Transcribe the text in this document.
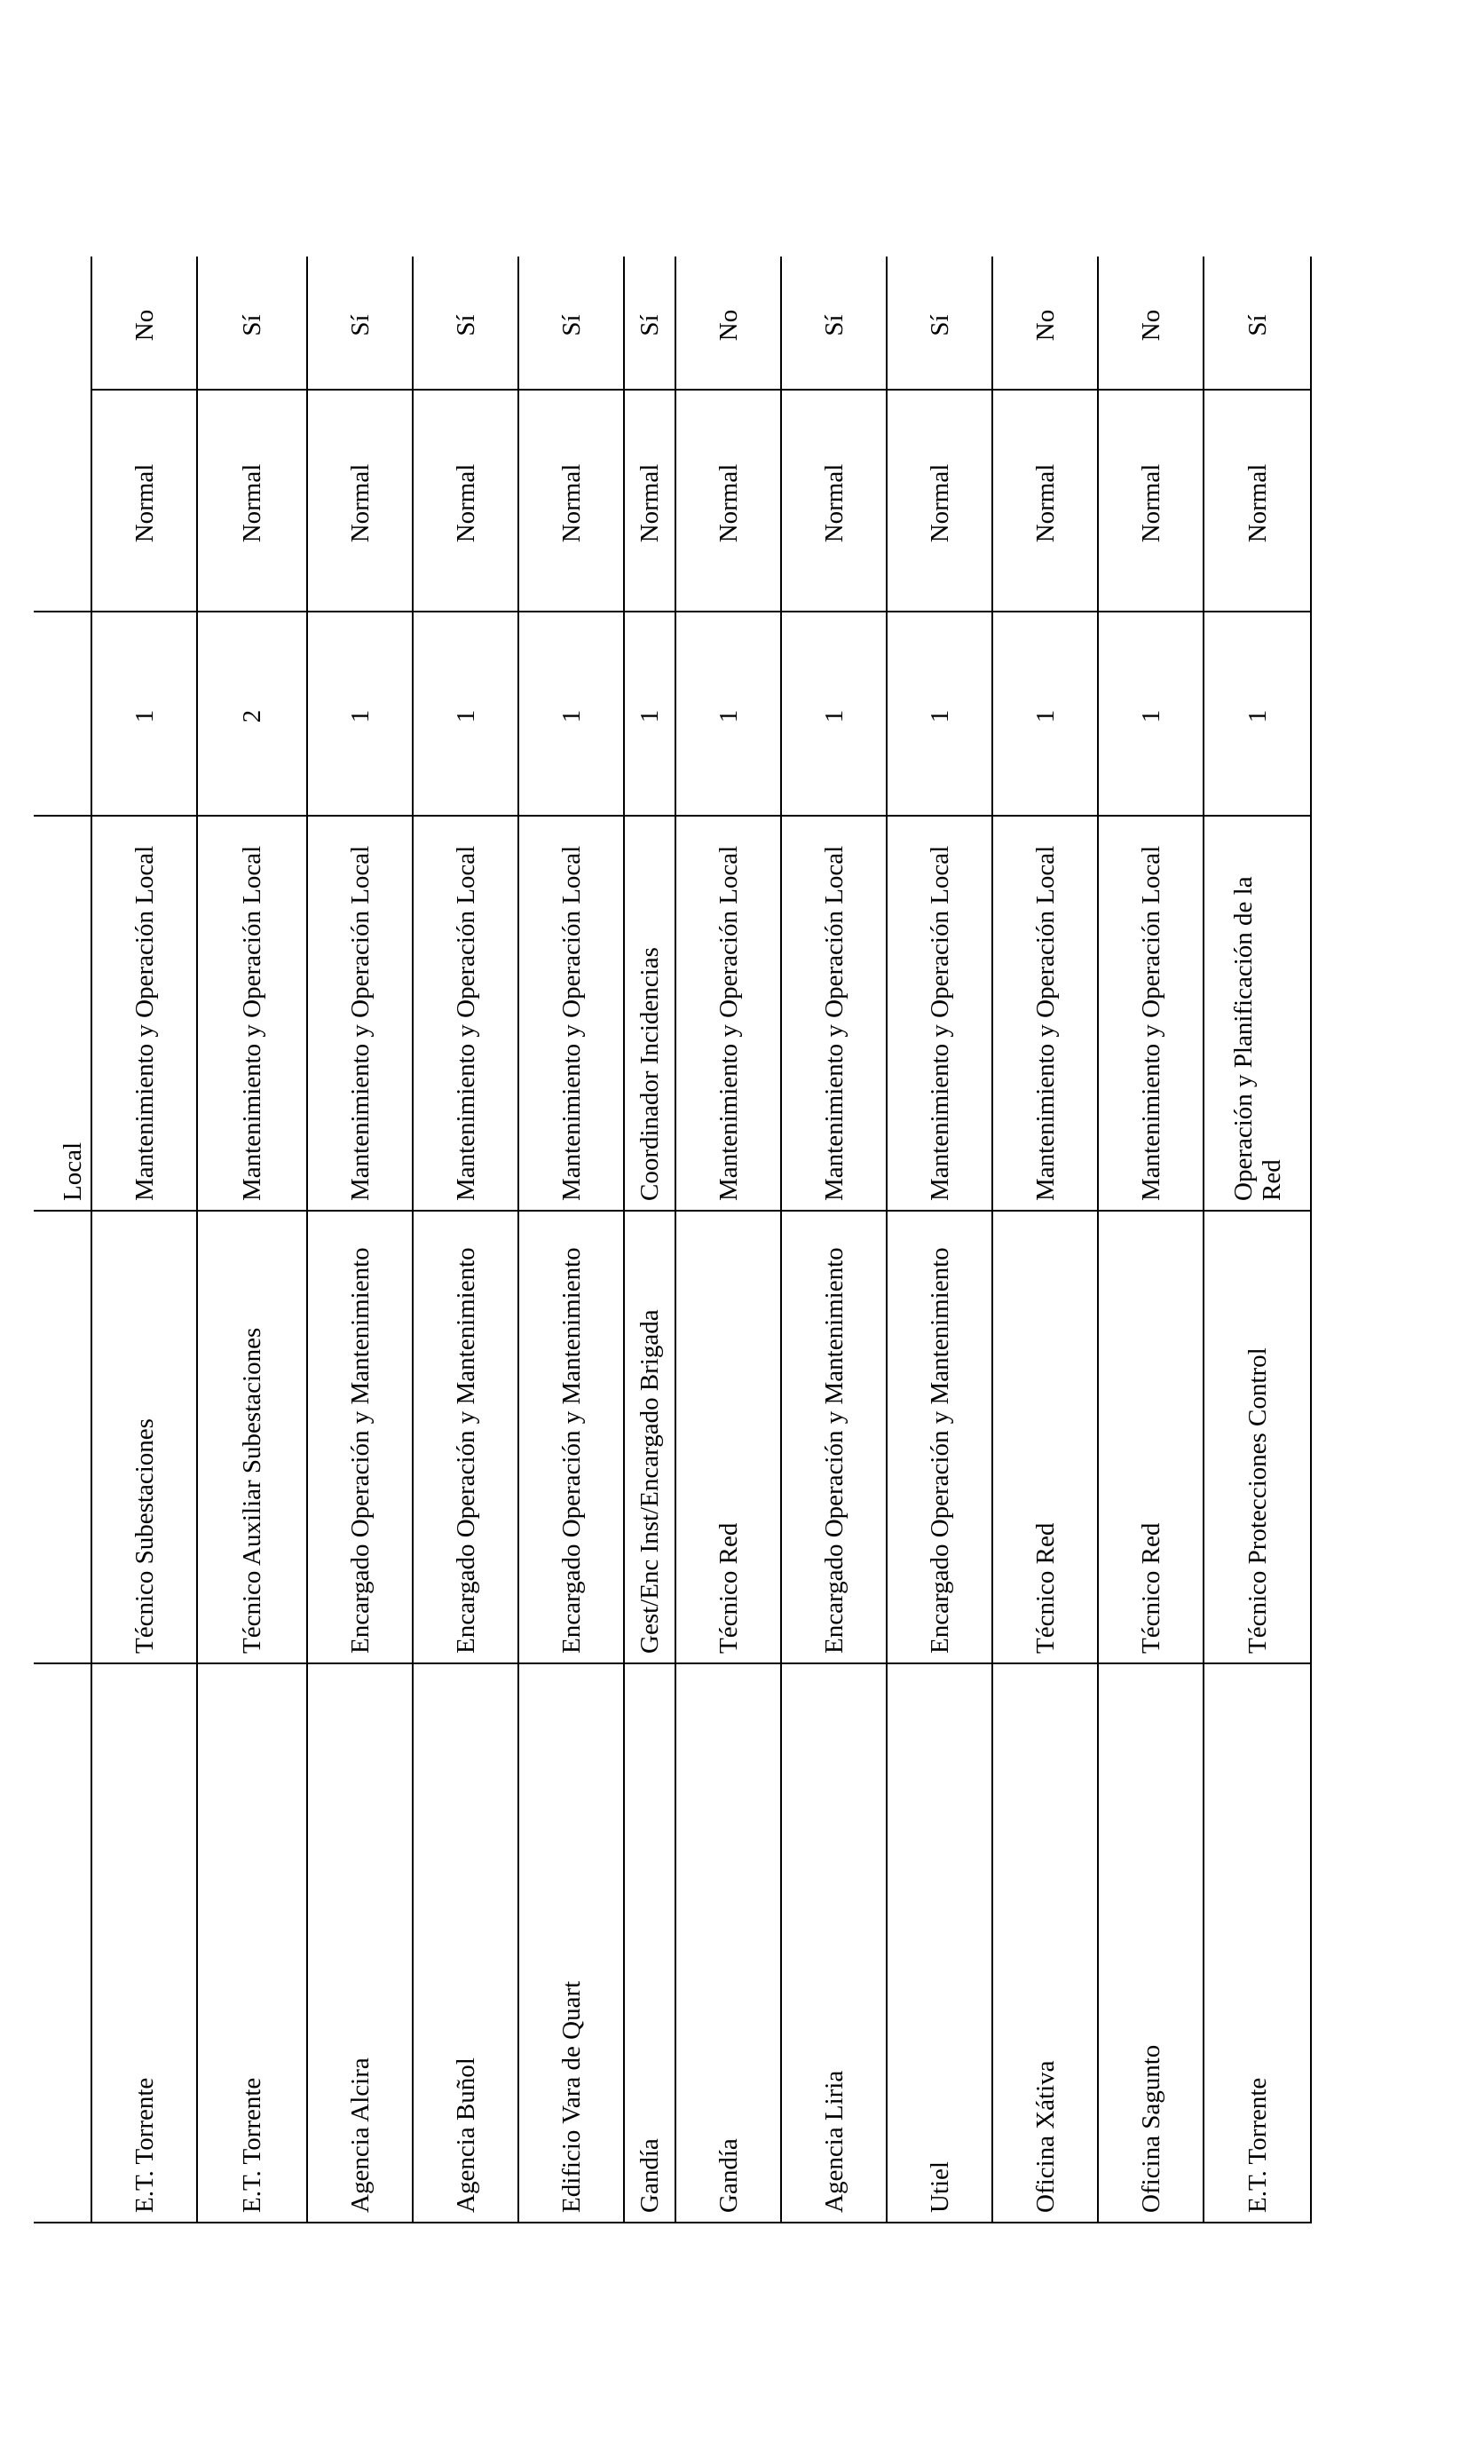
		Local			
E.T. Torrente	Técnico Subestaciones	Mantenimiento y Operación Local	1	Normal	No
E.T. Torrente	Técnico Auxiliar Subestaciones	Mantenimiento y Operación Local	2	Normal	Sí
Agencia Alcira	Encargado Operación y Mantenimiento	Mantenimiento y Operación Local	1	Normal	Sí
Agencia Buñol	Encargado Operación y Mantenimiento	Mantenimiento y Operación Local	1	Normal	Sí
Edificio Vara de Quart	Encargado Operación y Mantenimiento	Mantenimiento y Operación Local	1	Normal	Sí
Gandía	Gest/Enc Inst/Encargado Brigada	Coordinador Incidencias	1	Normal	Sí
Gandía	Técnico Red	Mantenimiento y Operación Local	1	Normal	No
Agencia Liria	Encargado Operación y Mantenimiento	Mantenimiento y Operación Local	1	Normal	Sí
Utiel	Encargado Operación y Mantenimiento	Mantenimiento y Operación Local	1	Normal	Sí
Oficina Xátiva	Técnico Red	Mantenimiento y Operación Local	1	Normal	No
Oficina Sagunto	Técnico Red	Mantenimiento y Operación Local	1	Normal	No
E.T. Torrente	Técnico Protecciones Control	Operación y Planificación de la Red	1	Normal	Sí
